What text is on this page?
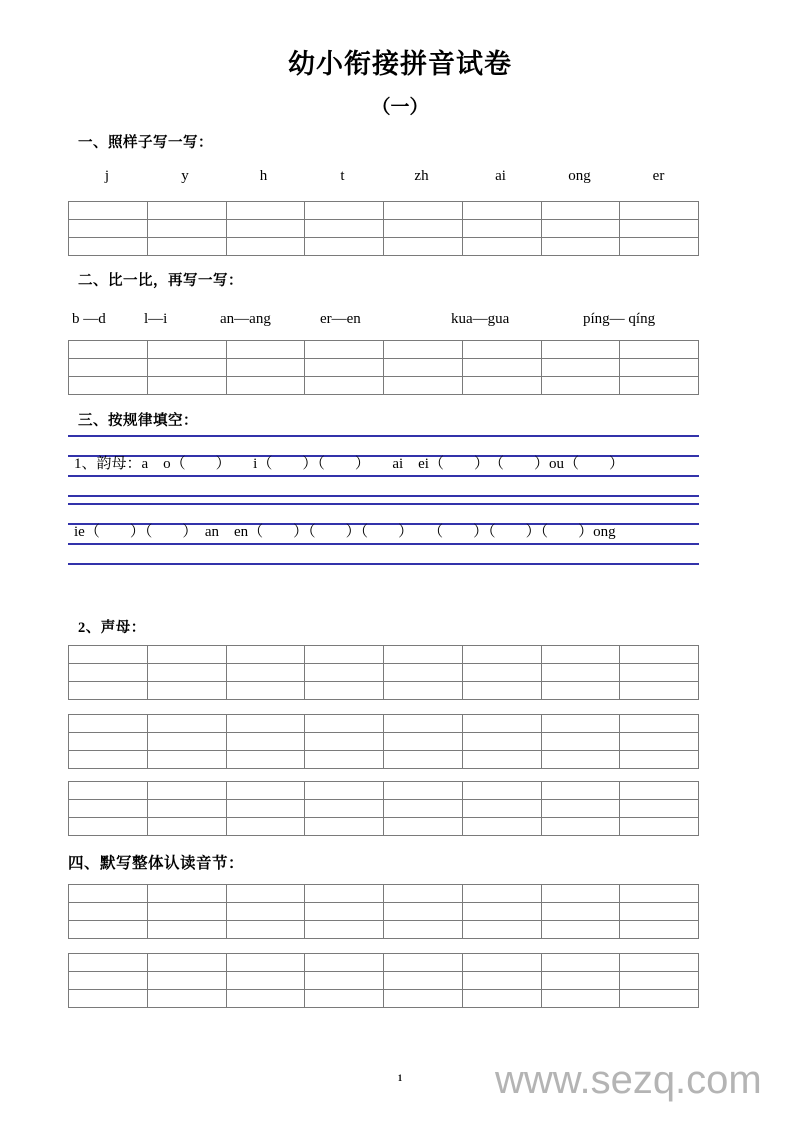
幼小衔接拼音试卷
（一）
一、照样子写一写：
j	y	h	t	zh	ai	ong	er

二、比一比，再写一写：
b —d	l—i	an—ang	er—en	kua—gua	píng— qíng

三、按规律填空：
1、韵母：a　o（　　）　　i（　　）（　　）　　ai　ei（　　）　（　　）ou（　　）
ie（　　）（　　）　an　en（　　）（　　）（　　）　　（　　）（　　）（　　）ong
2、声母：

四、默写整体认读音节：

1	www.sezq.com
